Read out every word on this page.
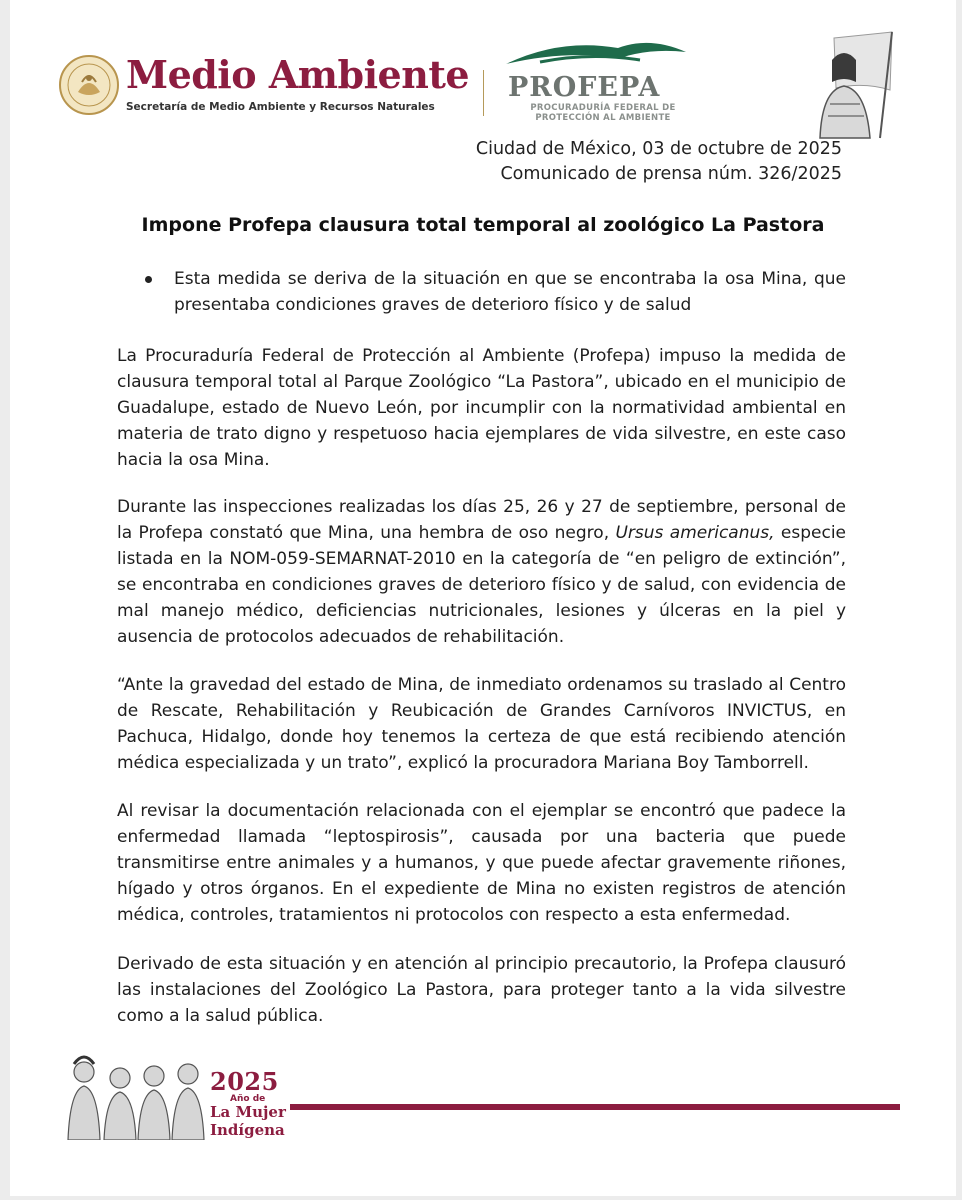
Medio Ambiente
Secretaría de Medio Ambiente y Recursos Naturales
PROFEPA
PROCURADURÍA FEDERAL DE
PROTECCIÓN AL AMBIENTE
Ciudad de México, 03 de octubre de 2025
Comunicado de prensa núm. 326/2025
Impone Profepa clausura total temporal al zoológico La Pastora
Esta medida se deriva de la situación en que se encontraba la osa Mina, que presentaba condiciones graves de deterioro físico y de salud

La Procuraduría Federal de Protección al Ambiente (Profepa) impuso la medida de clausura temporal total al Parque Zoológico “La Pastora”, ubicado en el municipio de Guadalupe, estado de Nuevo León, por incumplir con la normatividad ambiental en materia de trato digno y respetuoso hacia ejemplares de vida silvestre, en este caso hacia la osa Mina.

Durante las inspecciones realizadas los días 25, 26 y 27 de septiembre, personal de la Profepa constató que Mina, una hembra de oso negro, Ursus americanus, especie listada en la NOM-059-SEMARNAT-2010 en la categoría de “en peligro de extinción”, se encontraba en condiciones graves de deterioro físico y de salud, con evidencia de mal manejo médico, deficiencias nutricionales, lesiones y úlceras en la piel y ausencia de protocolos adecuados de rehabilitación.

“Ante la gravedad del estado de Mina, de inmediato ordenamos su traslado al Centro de Rescate, Rehabilitación y Reubicación de Grandes Carnívoros INVICTUS, en Pachuca, Hidalgo, donde hoy tenemos la certeza de que está recibiendo atención médica especializada y un trato”, explicó la procuradora Mariana Boy Tamborrell.

Al revisar la documentación relacionada con el ejemplar se encontró que padece la enfermedad llamada “leptospirosis”, causada por una bacteria que puede transmitirse entre animales y a humanos, y que puede afectar gravemente riñones, hígado y otros órganos. En el expediente de Mina no existen registros de atención médica, controles, tratamientos ni protocolos con respecto a esta enfermedad.

Derivado de esta situación y en atención al principio precautorio, la Profepa clausuró las instalaciones del Zoológico La Pastora, para proteger tanto a la vida silvestre como a la salud pública.

2025
Año de
La Mujer
Indígena
